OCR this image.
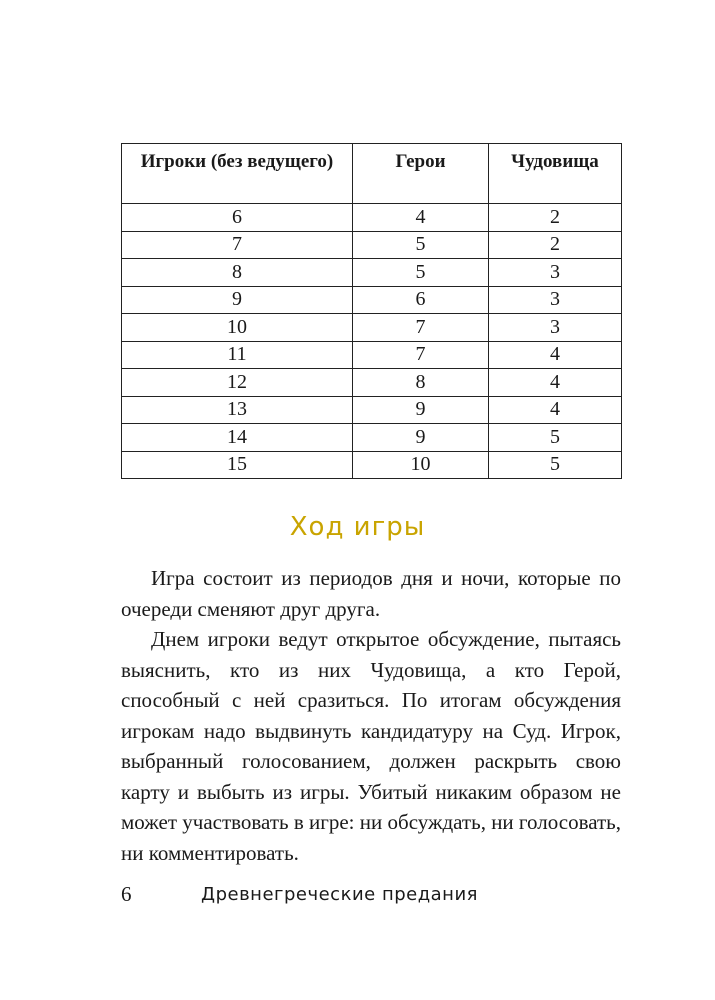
Игроки (без ведущего)	Герои	Чудовища
6	4	2
7	5	2
8	5	3
9	6	3
10	7	3
11	7	4
12	8	4
13	9	4
14	9	5
15	10	5
Ход игры

Игра состоит из периодов дня и ночи, которые по очереди сменяют друг друга.

Днем игроки ведут открытое обсуждение, пытаясь выяснить, кто из них Чудовища, а кто Герой, способный с ней сразиться. По итогам обсуждения игрокам надо выдвинуть кандидатуру на Суд. Игрок, выбранный голосованием, должен раскрыть свою карту и выбыть из игры. Убитый никаким образом не может участвовать в игре: ни обсуждать, ни голосовать, ни комментировать.

6	Древнегреческие предания
